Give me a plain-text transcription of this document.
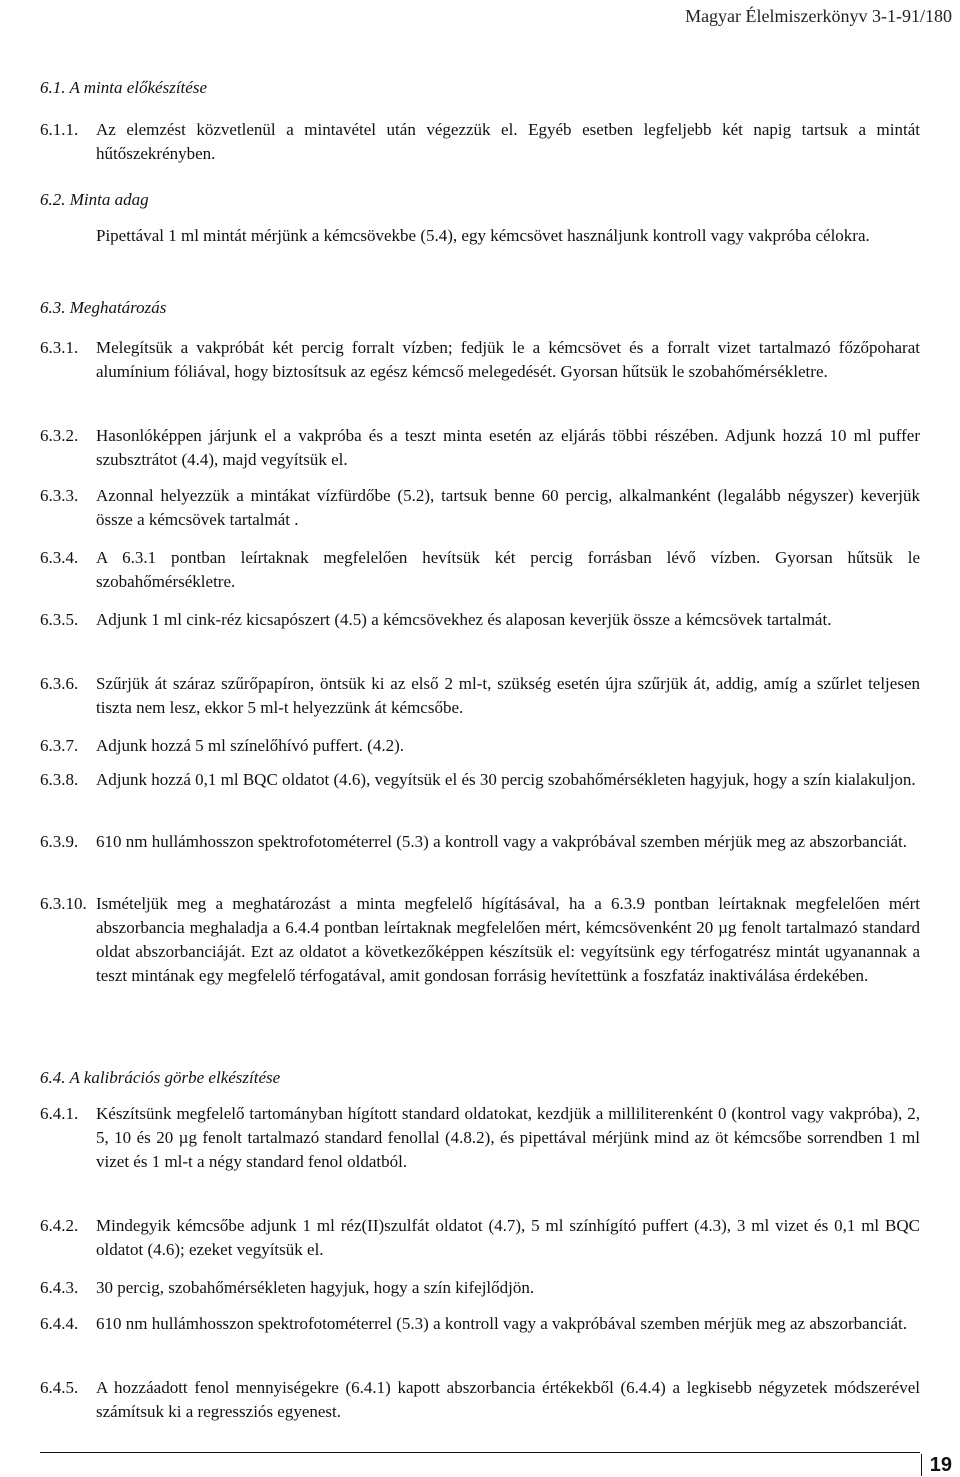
Magyar Élelmiszerkönyv 3-1-91/180
6.1. A minta előkészítése
6.1.1. Az elemzést közvetlenül a mintavétel után végezzük el. Egyéb esetben legfeljebb két napig tartsuk a mintát hűtőszekrényben.
6.2. Minta adag
Pipettával 1 ml mintát mérjünk a kémcsövekbe (5.4), egy kémcsövet használjunk kontroll vagy vakpróba célokra.
6.3. Meghatározás
6.3.1. Melegítsük a vakpróbát két percig forralt vízben; fedjük le a kémcsövet és a forralt vizet tartalmazó főzőpoharat alumínium fóliával, hogy biztosítsuk az egész kémcső melegedését. Gyorsan hűtsük le szobahőmérsékletre.
6.3.2. Hasonlóképpen járjunk el a vakpróba és a teszt minta esetén az eljárás többi részében. Adjunk hozzá 10 ml puffer szubsztrátot (4.4), majd vegyítsük el.
6.3.3. Azonnal helyezzük a mintákat vízfürdőbe (5.2), tartsuk benne 60 percig, alkalmanként (legalább négyszer) keverjük össze a kémcsövek tartalmát .
6.3.4. A 6.3.1 pontban leírtaknak megfelelően hevítsük két percig forrásban lévő vízben. Gyorsan hűtsük le szobahőmérsékletre.
6.3.5. Adjunk 1 ml cink-réz kicsapószert (4.5) a kémcsövekhez és alaposan keverjük össze a kémcsövek tartalmát.
6.3.6. Szűrjük át száraz szűrőpapíron, öntsük ki az első 2 ml-t, szükség esetén újra szűrjük át, addig, amíg a szűrlet teljesen tiszta nem lesz, ekkor 5 ml-t helyezzünk át kémcsőbe.
6.3.7. Adjunk hozzá 5 ml színelőhívó puffert. (4.2).
6.3.8. Adjunk hozzá 0,1 ml BQC oldatot (4.6), vegyítsük el és 30 percig szobahőmérsékleten hagyjuk, hogy a szín kialakuljon.
6.3.9. 610 nm hullámhosszon spektrofotométerrel (5.3) a kontroll vagy a vakpróbával szemben mérjük meg az abszorbanciát.
6.3.10. Ismételjük meg a meghatározást a minta megfelelő hígításával, ha a 6.3.9 pontban leírtaknak megfelelően mért abszorbancia meghaladja a 6.4.4 pontban leírtaknak megfelelően mért, kémcsövenként 20 µg fenolt tartalmazó standard oldat abszorbanciáját. Ezt az oldatot a következőképpen készítsük el: vegyítsünk egy térfogatrész mintát ugyanannak a teszt mintának egy megfelelő térfogatával, amit gondosan forrásig hevítettünk a foszfatáz inaktiválása érdekében.
6.4. A kalibrációs görbe elkészítése
6.4.1. Készítsünk megfelelő tartományban hígított standard oldatokat, kezdjük a milliliterenként 0 (kontrol vagy vakpróba), 2, 5, 10 és 20 µg fenolt tartalmazó standard fenollal (4.8.2), és pipettával mérjünk mind az öt kémcsőbe sorrendben 1 ml vizet és 1 ml-t a négy standard fenol oldatból.
6.4.2. Mindegyik kémcsőbe adjunk 1 ml réz(II)szulfát oldatot (4.7), 5 ml színhígító puffert (4.3), 3 ml vizet és 0,1 ml BQC oldatot (4.6); ezeket vegyítsük el.
6.4.3. 30 percig, szobahőmérsékleten hagyjuk, hogy a szín kifejlődjön.
6.4.4. 610 nm hullámhosszon spektrofotométerrel (5.3) a kontroll vagy a vakpróbával szemben mérjük meg az abszorbanciát.
6.4.5. A hozzáadott fenol mennyiségekre (6.4.1) kapott abszorbancia értékekből (6.4.4) a legkisebb négyzetek módszerével számítsuk ki a regressziós egyenest.
19
